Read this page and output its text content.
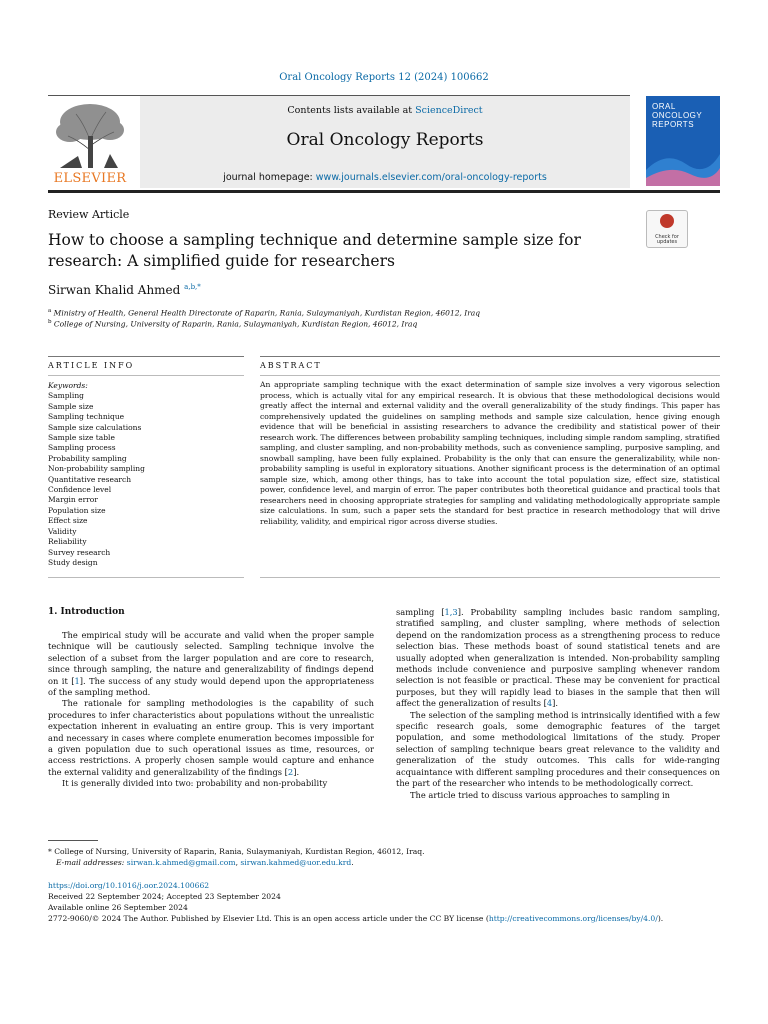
Oral Oncology Reports 12 (2024) 100662
ELSEVIER
Contents lists available at ScienceDirect
Oral Oncology Reports
journal homepage: www.journals.elsevier.com/oral-oncology-reports
ORAL
ONCOLOGY
REPORTS
Review Article
How to choose a sampling technique and determine sample size for research: A simplified guide for researchers
Check for updates
Sirwan Khalid Ahmed $^{a,b,*}$
$^a$ Ministry of Health, General Health Directorate of Raparin, Rania, Sulaymaniyah, Kurdistan Region, 46012, Iraq
$^b$ College of Nursing, University of Raparin, Rania, Sulaymaniyah, Kurdistan Region, 46012, Iraq
ARTICLE INFO	ABSTRACT
Keywords:
Sampling
Sample size
Sampling technique
Sample size calculations
Sample size table
Sampling process
Probability sampling
Non-probability sampling
Quantitative research
Confidence level
Margin error
Population size
Effect size
Validity
Reliability
Survey research
Study design
An appropriate sampling technique with the exact determination of sample size involves a very vigorous selection process, which is actually vital for any empirical research. It is obvious that these methodological decisions would greatly affect the internal and external validity and the overall generalizability of the study findings. This paper has comprehensively updated the guidelines on sampling methods and sample size calculation, hence giving enough evidence that will be beneficial in assisting researchers to advance the credibility and statistical power of their research work. The differences between probability sampling techniques, including simple random sampling, stratified sampling, and cluster sampling, and non-probability methods, such as convenience sampling, purposive sampling, and snowball sampling, have been fully explained. Probability is the only that can ensure the generalizability, while non-probability sampling is useful in exploratory situations. Another significant process is the determination of an optimal sample size, which, among other things, has to take into account the total population size, effect size, statistical power, confidence level, and margin of error. The paper contributes both theoretical guidance and practical tools that researchers need in choosing appropriate strategies for sampling and validating methodologically appropriate sample size calculations. In sum, such a paper sets the standard for best practice in research methodology that will drive reliability, validity, and empirical rigor across diverse studies.
1. Introduction

The empirical study will be accurate and valid when the proper sample technique will be cautiously selected. Sampling technique involve the selection of a subset from the larger population and are core to research, since through sampling, the nature and generalizability of findings depend on it [1]. The success of any study would depend upon the appropriateness of the sampling method.

The rationale for sampling methodologies is the capability of such procedures to infer characteristics about populations without the unrealistic expectation inherent in evaluating an entire group. This is very important and necessary in cases where complete enumeration becomes impossible for a given population due to such operational issues as time, resources, or access restrictions. A properly chosen sample would capture and enhance the external validity and generalizability of the findings [2].

It is generally divided into two: probability and non-probability

sampling [1,3]. Probability sampling includes basic random sampling, stratified sampling, and cluster sampling, where methods of selection depend on the randomization process as a strengthening process to reduce selection bias. These methods boast of sound statistical tenets and are usually adopted when generalization is intended. Non-probability sampling methods include convenience and purposive sampling whenever random selection is not feasible or practical. These may be convenient for practical purposes, but they will rapidly lead to biases in the sample that then will affect the generalization of results [4].

The selection of the sampling method is intrinsically identified with a few specific research goals, some demographic features of the target population, and some methodological limitations of the study. Proper selection of sampling technique bears great relevance to the validity and generalization of the study outcomes. This calls for wide-ranging acquaintance with different sampling procedures and their consequences on the part of the researcher who intends to be methodologically correct.

The article tried to discuss various approaches to sampling in

* College of Nursing, University of Raparin, Rania, Sulaymaniyah, Kurdistan Region, 46012, Iraq.
E-mail addresses: sirwan.k.ahmed@gmail.com, sirwan.kahmed@uor.edu.krd.
https://doi.org/10.1016/j.oor.2024.100662
Received 22 September 2024; Accepted 23 September 2024
Available online 26 September 2024
2772-9060/© 2024 The Author. Published by Elsevier Ltd. This is an open access article under the CC BY license (http://creativecommons.org/licenses/by/4.0/).
